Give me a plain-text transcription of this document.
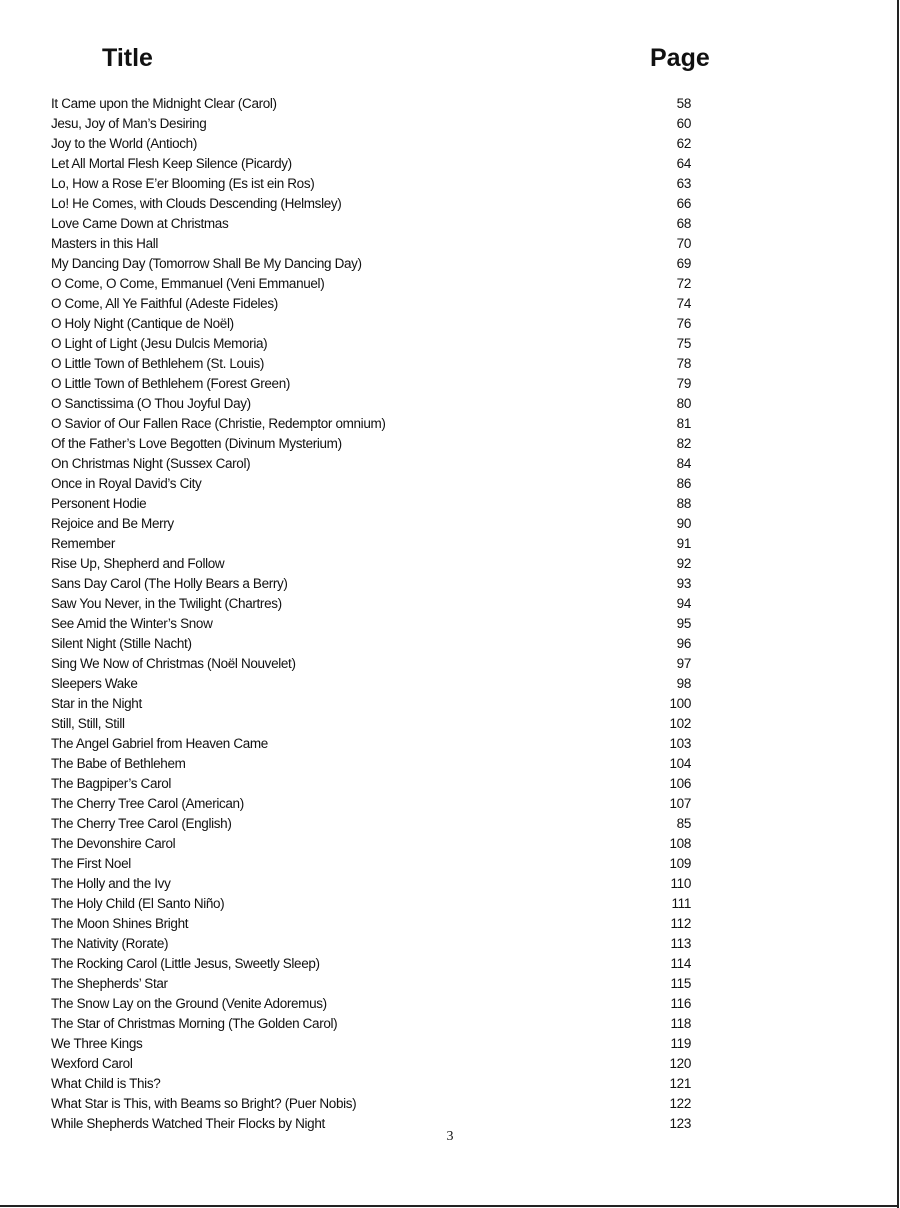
Title	Page
It Came upon the Midnight Clear (Carol)	58
Jesu, Joy of Man’s Desiring	60
Joy to the World (Antioch)	62
Let All Mortal Flesh Keep Silence (Picardy)	64
Lo, How a Rose E’er Blooming (Es ist ein Ros)	63
Lo! He Comes, with Clouds Descending (Helmsley)	66
Love Came Down at Christmas	68
Masters in this Hall	70
My Dancing Day (Tomorrow Shall Be My Dancing Day)	69
O Come, O Come, Emmanuel (Veni Emmanuel)	72
O Come, All Ye Faithful (Adeste Fideles)	74
O Holy Night (Cantique de Noël)	76
O Light of Light (Jesu Dulcis Memoria)	75
O Little Town of Bethlehem (St. Louis)	78
O Little Town of Bethlehem (Forest Green)	79
O Sanctissima (O Thou Joyful Day)	80
O Savior of Our Fallen Race (Christie, Redemptor omnium)	81
Of the Father’s Love Begotten (Divinum Mysterium)	82
On Christmas Night (Sussex Carol)	84
Once in Royal David’s City	86
Personent Hodie	88
Rejoice and Be Merry	90
Remember	91
Rise Up, Shepherd and Follow	92
Sans Day Carol (The Holly Bears a Berry)	93
Saw You Never, in the Twilight (Chartres)	94
See Amid the Winter’s Snow	95
Silent Night (Stille Nacht)	96
Sing We Now of Christmas (Noël Nouvelet)	97
Sleepers Wake	98
Star in the Night	100
Still, Still, Still	102
The Angel Gabriel from Heaven Came	103
The Babe of Bethlehem	104
The Bagpiper’s Carol	106
The Cherry Tree Carol (American)	107
The Cherry Tree Carol (English)	85
The Devonshire Carol	108
The First Noel	109
The Holly and the Ivy	110
The Holy Child (El Santo Niño)	111
The Moon Shines Bright	112
The Nativity (Rorate)	113
The Rocking Carol (Little Jesus, Sweetly Sleep)	114
The Shepherds’ Star	115
The Snow Lay on the Ground (Venite Adoremus)	116
The Star of Christmas Morning (The Golden Carol)	118
We Three Kings	119
Wexford Carol	120
What Child is This?	121
What Star is This, with Beams so Bright? (Puer Nobis)	122
While Shepherds Watched Their Flocks by Night	123
3
